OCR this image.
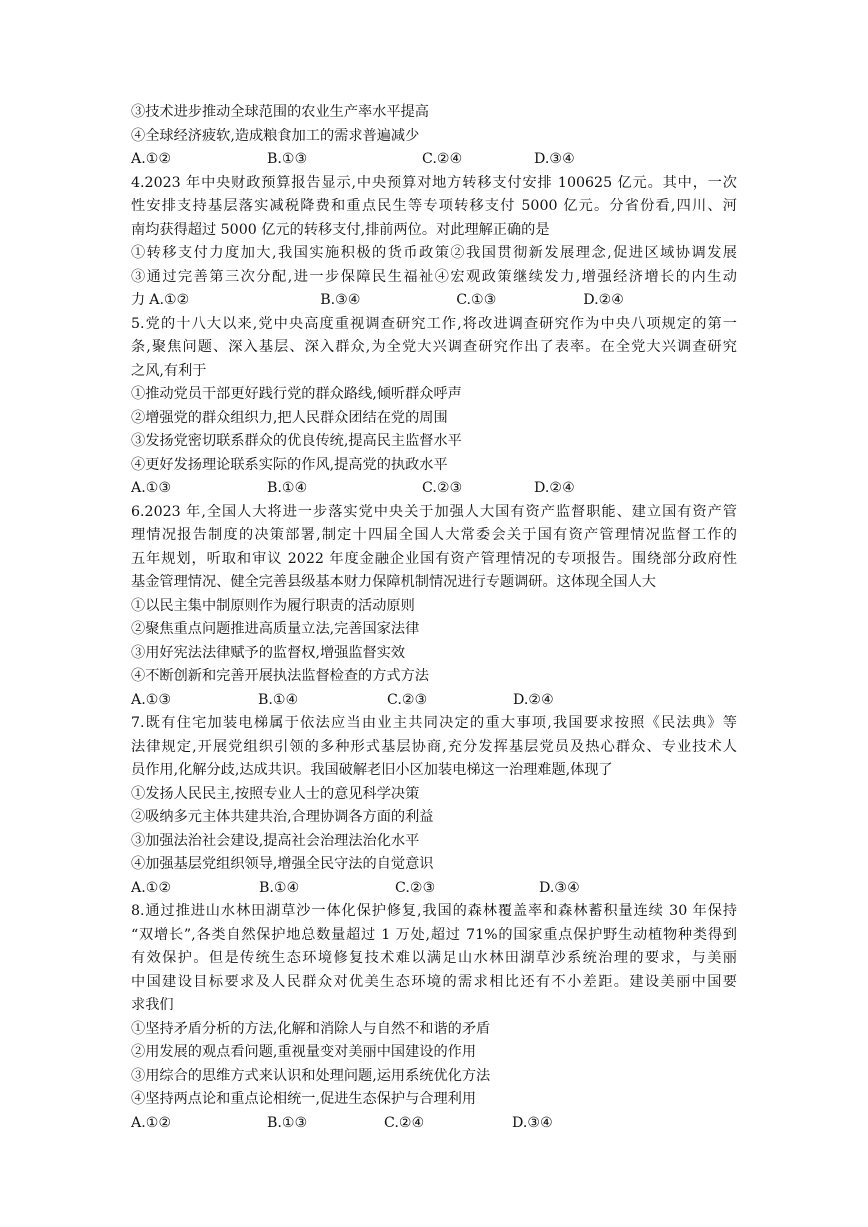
③技术进步推动全球范围的农业生产率水平提高
④全球经济疲软,造成粮食加工的需求普遍减少
A.①②	B.①③	C.②④	D.③④
4.2023 年中央财政预算报告显示,中央预算对地方转移支付安排 100625 亿元。其中，一次
性安排支持基层落实减税降费和重点民生等专项转移支付 5000 亿元。分省份看,四川、河
南均获得超过 5000 亿元的转移支付,排前两位。对此理解正确的是
①转移支付力度加大,我国实施积极的货币政策②我国贯彻新发展理念,促进区域协调发展
③通过完善第三次分配,进一步保障民生福祉④宏观政策继续发力,增强经济增长的内生动
力 A.①②	B.③④	C.①③	D.②④
5.党的十八大以来,党中央高度重视调查研究工作,将改进调查研究作为中央八项规定的第一
条,聚焦问题、深入基层、深入群众,为全党大兴调查研究作出了表率。在全党大兴调查研究
之风,有利于
①推动党员干部更好践行党的群众路线,倾听群众呼声
②增强党的群众组织力,把人民群众团结在党的周围
③发扬党密切联系群众的优良传统,提高民主监督水平
④更好发扬理论联系实际的作风,提高党的执政水平
A.①③	B.①④	C.②③	D.②④
6.2023 年,全国人大将进一步落实党中央关于加强人大国有资产监督职能、建立国有资产管
理情况报告制度的决策部署,制定十四届全国人大常委会关于国有资产管理情况监督工作的
五年规划，听取和审议 2022 年度金融企业国有资产管理情况的专项报告。围绕部分政府性
基金管理情况、健全完善县级基本财力保障机制情况进行专题调研。这体现全国人大
①以民主集中制原则作为履行职责的活动原则
②聚焦重点问题推进高质量立法,完善国家法律
③用好宪法法律赋予的监督权,增强监督实效
④不断创新和完善开展执法监督检查的方式方法
A.①③	B.①④	C.②③	D.②④
7.既有住宅加装电梯属于依法应当由业主共同决定的重大事项,我国要求按照《民法典》等
法律规定,开展党组织引领的多种形式基层协商,充分发挥基层党员及热心群众、专业技术人
员作用,化解分歧,达成共识。我国破解老旧小区加装电梯这一治理难题,体现了
①发扬人民民主,按照专业人士的意见科学决策
②吸纳多元主体共建共治,合理协调各方面的利益
③加强法治社会建设,提高社会治理法治化水平
④加强基层党组织领导,增强全民守法的自觉意识
A.①②	B.①④	C.②③	D.③④
8.通过推进山水林田湖草沙一体化保护修复,我国的森林覆盖率和森林蓄积量连续 30 年保持
“双增长”,各类自然保护地总数量超过 1 万处,超过 71%的国家重点保护野生动植物种类得到
有效保护。但是传统生态环境修复技术难以满足山水林田湖草沙系统治理的要求，与美丽
中国建设目标要求及人民群众对优美生态环境的需求相比还有不小差距。建设美丽中国要
求我们
①坚持矛盾分析的方法,化解和消除人与自然不和谐的矛盾
②用发展的观点看问题,重视量变对美丽中国建设的作用
③用综合的思维方式来认识和处理问题,运用系统优化方法
④坚持两点论和重点论相统一,促进生态保护与合理利用
A.①②	B.①③	C.②④	D.③④
